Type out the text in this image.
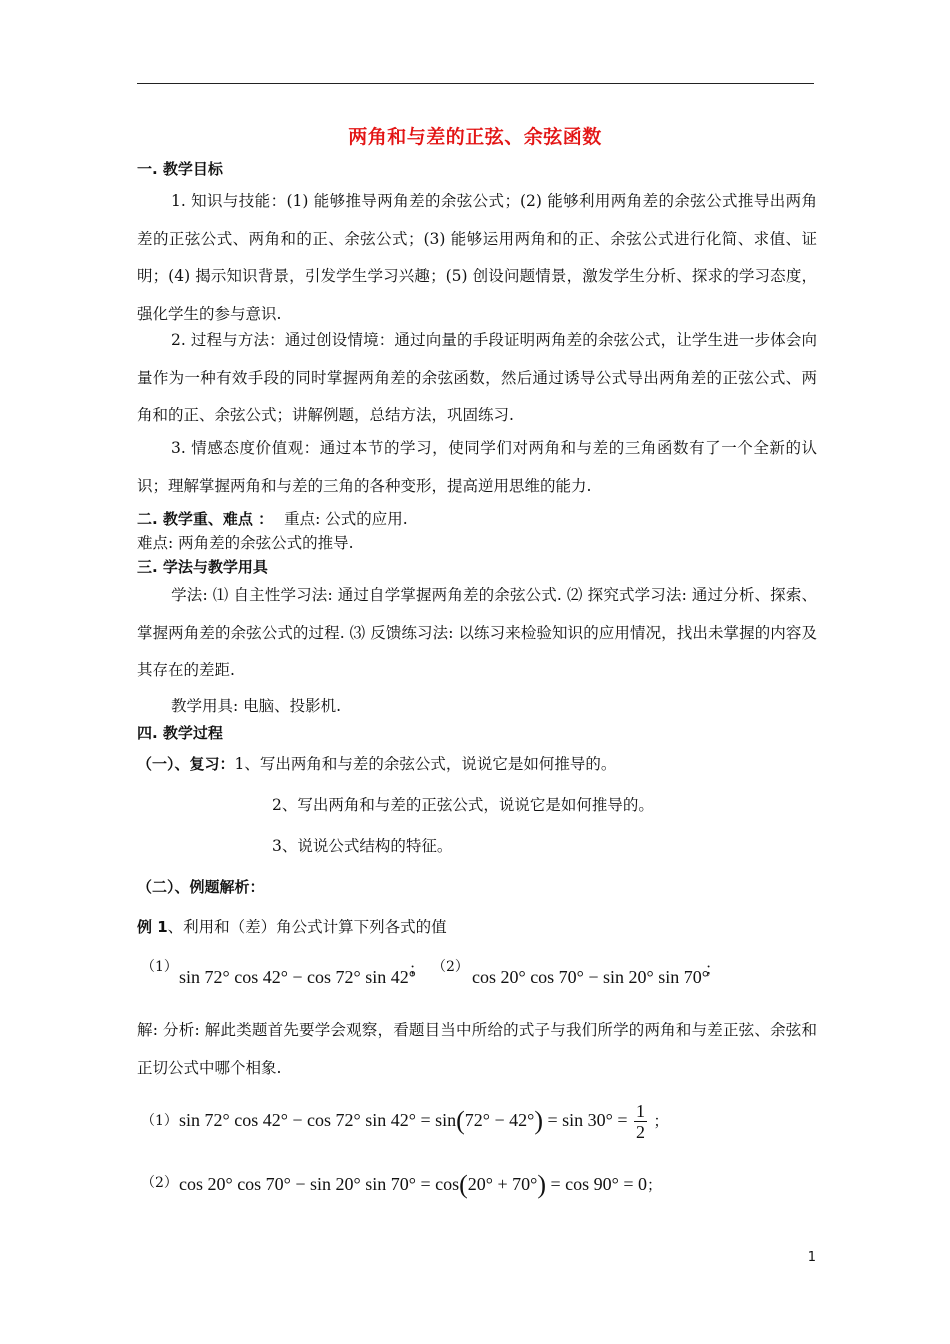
两角和与差的正弦、余弦函数
一. 教学目标
1. 知识与技能：(1) 能够推导两角差的余弦公式；(2) 能够利用两角差的余弦公式推导出两角差的正弦公式、两角和的正、余弦公式；(3) 能够运用两角和的正、余弦公式进行化简、求值、证明；(4) 揭示知识背景，引发学生学习兴趣；(5) 创设问题情景，激发学生分析、探求的学习态度，强化学生的参与意识.
2. 过程与方法：通过创设情境：通过向量的手段证明两角差的余弦公式，让学生进一步体会向量作为一种有效手段的同时掌握两角差的余弦函数，然后通过诱导公式导出两角差的正弦公式、两角和的正、余弦公式；讲解例题，总结方法，巩固练习.
3. 情感态度价值观：通过本节的学习，使同学们对两角和与差的三角函数有了一个全新的认识；理解掌握两角和与差的三角的各种变形，提高逆用思维的能力.
二. 教学重、难点 ： 重点: 公式的应用.
难点: 两角差的余弦公式的推导.
三. 学法与教学用具
学法: ⑴ 自主性学习法: 通过自学掌握两角差的余弦公式. ⑵ 探究式学习法: 通过分析、探索、掌握两角差的余弦公式的过程. ⑶ 反馈练习法: 以练习来检验知识的应用情况，找出未掌握的内容及其存在的差距.
教学用具: 电脑、投影机.
四. 教学过程
（一）、复习：1、写出两角和与差的余弦公式，说说它是如何推导的。
2、写出两角和与差的正弦公式，说说它是如何推导的。
3、说说公式结构的特征。
（二）、例题解析：
例 1、利用和（差）角公式计算下列各式的值
（1） sin 72° cos 42° − cos 72° sin 42°
； （2） cos 20° cos 70° − sin 20° sin 70°
；
解: 分析: 解此类题首先要学会观察，看题目当中所给的式子与我们所学的两角和与差正弦、余弦和正切公式中哪个相象.
（1） sin 72° cos 42° − cos 72° $\sin 42^\circ = \sin(72^\circ - 42^\circ) = \sin 30^\circ = \frac{1}{2}$ ；
（2） cos 20° cos 70° − sin 20° sin 70° = cos(20° + 70°) = cos 90° = 0；
1
